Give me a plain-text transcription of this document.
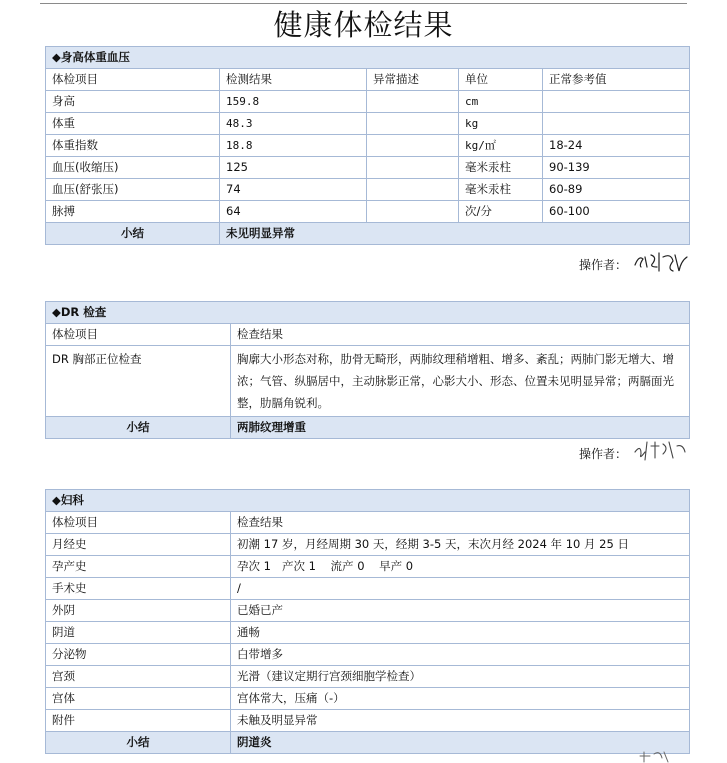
健康体检结果
◆身高体重血压				
体检项目	检测结果	异常描述	单位	正常参考值
身高	159.8		cm	
体重	48.3		kg	
体重指数	18.8		kg/㎡	18-24
血压(收缩压)	125		毫米汞柱	90-139
血压(舒张压)	74		毫米汞柱	60-89
脉搏	64		次/分	60-100
小结	未见明显异常			
操作者：
◆DR 检查	
体检项目	检查结果
DR 胸部正位检查	胸廓大小形态对称，肋骨无畸形，两肺纹理稍增粗、增多、紊乱；两肺门影无增大、增浓；气管、纵膈居中，主动脉影正常，心影大小、形态、位置未见明显异常；两膈面光整，肋膈角锐利。
小结	两肺纹理增重
操作者：
◆妇科	
体检项目	检查结果
月经史	初潮 17 岁，月经周期 30 天，经期 3-5 天，末次月经 2024 年 10 月 25 日
孕产史	孕次 1   产次 1    流产 0    早产 0
手术史	/
外阴	已婚已产
阴道	通畅
分泌物	白带增多
宫颈	光滑（建议定期行宫颈细胞学检查）
宫体	宫体常大，压痛（-）
附件	未触及明显异常
小结	阴道炎
